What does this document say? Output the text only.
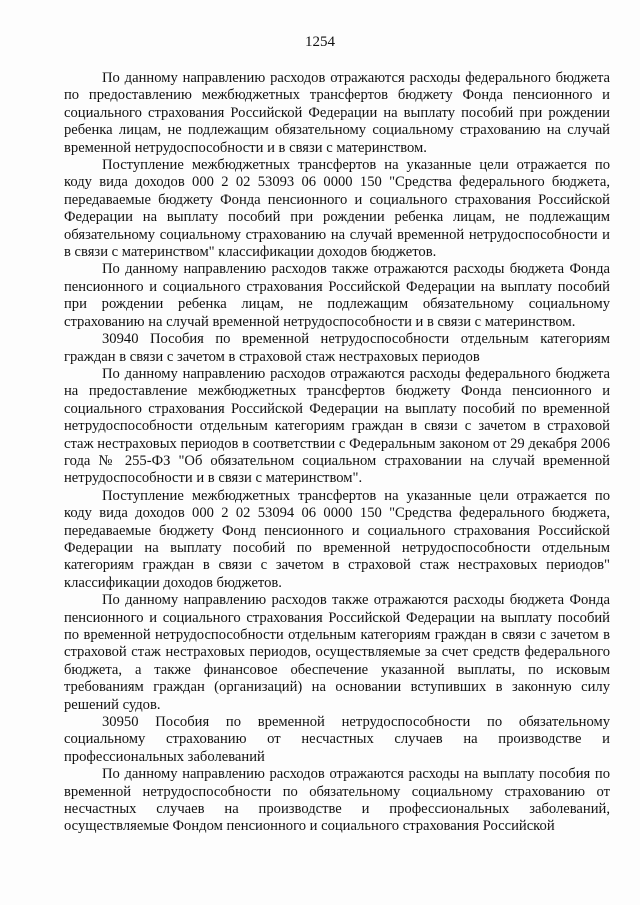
1254

По данному направлению расходов отражаются расходы федерального бюджета по предоставлению межбюджетных трансфертов бюджету Фонда пенсионного и социального страхования Российской Федерации на выплату пособий при рождении ребенка лицам, не подлежащим обязательному социальному страхованию на случай временной нетрудоспособности и в связи с материнством.

Поступление межбюджетных трансфертов на указанные цели отражается по коду вида доходов 000 2 02 53093 06 0000 150 "Средства федерального бюджета, передаваемые бюджету Фонда пенсионного и социального страхования Российской Федерации на выплату пособий при рождении ребенка лицам, не подлежащим обязательному социальному страхованию на случай временной нетрудоспособности и в связи с материнством" классификации доходов бюджетов.

По данному направлению расходов также отражаются расходы бюджета Фонда пенсионного и социального страхования Российской Федерации на выплату пособий при рождении ребенка лицам, не подлежащим обязательному социальному страхованию на случай временной нетрудоспособности и в связи с материнством.

30940 Пособия по временной нетрудоспособности отдельным категориям граждан в связи с зачетом в страховой стаж нестраховых периодов

По данному направлению расходов отражаются расходы федерального бюджета на предоставление межбюджетных трансфертов бюджету Фонда пенсионного и социального страхования Российской Федерации на выплату пособий по временной нетрудоспособности отдельным категориям граждан в связи с зачетом в страховой стаж нестраховых периодов в соответствии с Федеральным законом от 29 декабря 2006 года № 255-ФЗ "Об обязательном социальном страховании на случай временной нетрудоспособности и в связи с материнством".

Поступление межбюджетных трансфертов на указанные цели отражается по коду вида доходов 000 2 02 53094 06 0000 150 "Средства федерального бюджета, передаваемые бюджету Фонд пенсионного и социального страхования Российской Федерации на выплату пособий по временной нетрудоспособности отдельным категориям граждан в связи с зачетом в страховой стаж нестраховых периодов" классификации доходов бюджетов.

По данному направлению расходов также отражаются расходы бюджета Фонда пенсионного и социального страхования Российской Федерации на выплату пособий по временной нетрудоспособности отдельным категориям граждан в связи с зачетом в страховой стаж нестраховых периодов, осуществляемые за счет средств федерального бюджета, а также финансовое обеспечение указанной выплаты, по исковым требованиям граждан (организаций) на основании вступивших в законную силу решений судов.

30950 Пособия по временной нетрудоспособности по обязательному социальному страхованию от несчастных случаев на производстве и профессиональных заболеваний

По данному направлению расходов отражаются расходы на выплату пособия по временной нетрудоспособности по обязательному социальному страхованию от несчастных случаев на производстве и профессиональных заболеваний, осуществляемые Фондом пенсионного и социального страхования Российской
